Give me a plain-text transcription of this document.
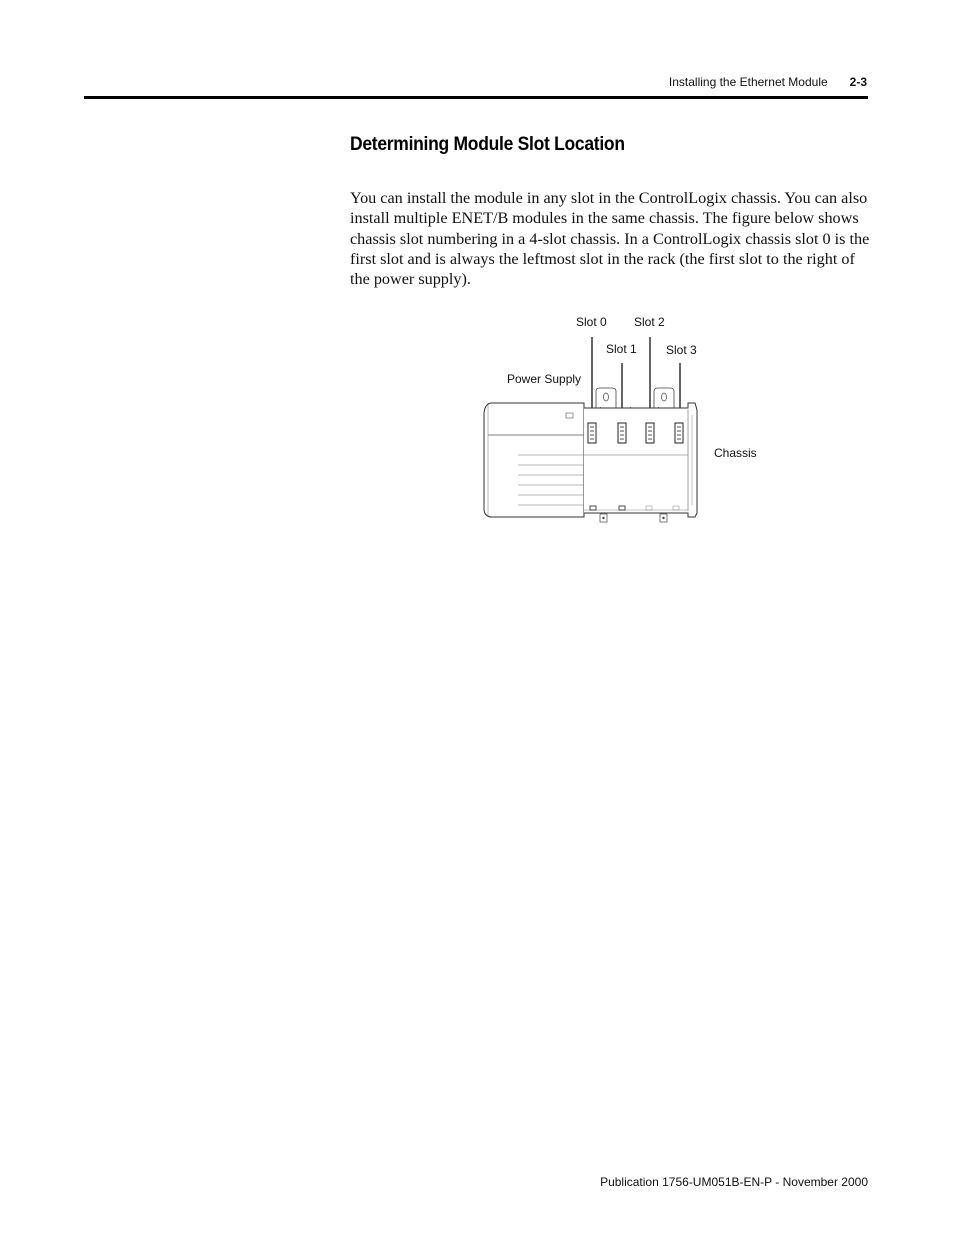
Installing the Ethernet Module 2-3
Determining Module Slot Location

You can install the module in any slot in the ControlLogix chassis. You can also install multiple ENET/B modules in the same chassis. The figure below shows chassis slot numbering in a 4-slot chassis. In a ControlLogix chassis slot 0 is the first slot and is always the leftmost slot in the rack (the first slot to the right of the power supply).

Slot 0
Slot 1
Slot 2
Slot 3
Power Supply
Chassis
Publication 1756-UM051B-EN-P - November 2000
